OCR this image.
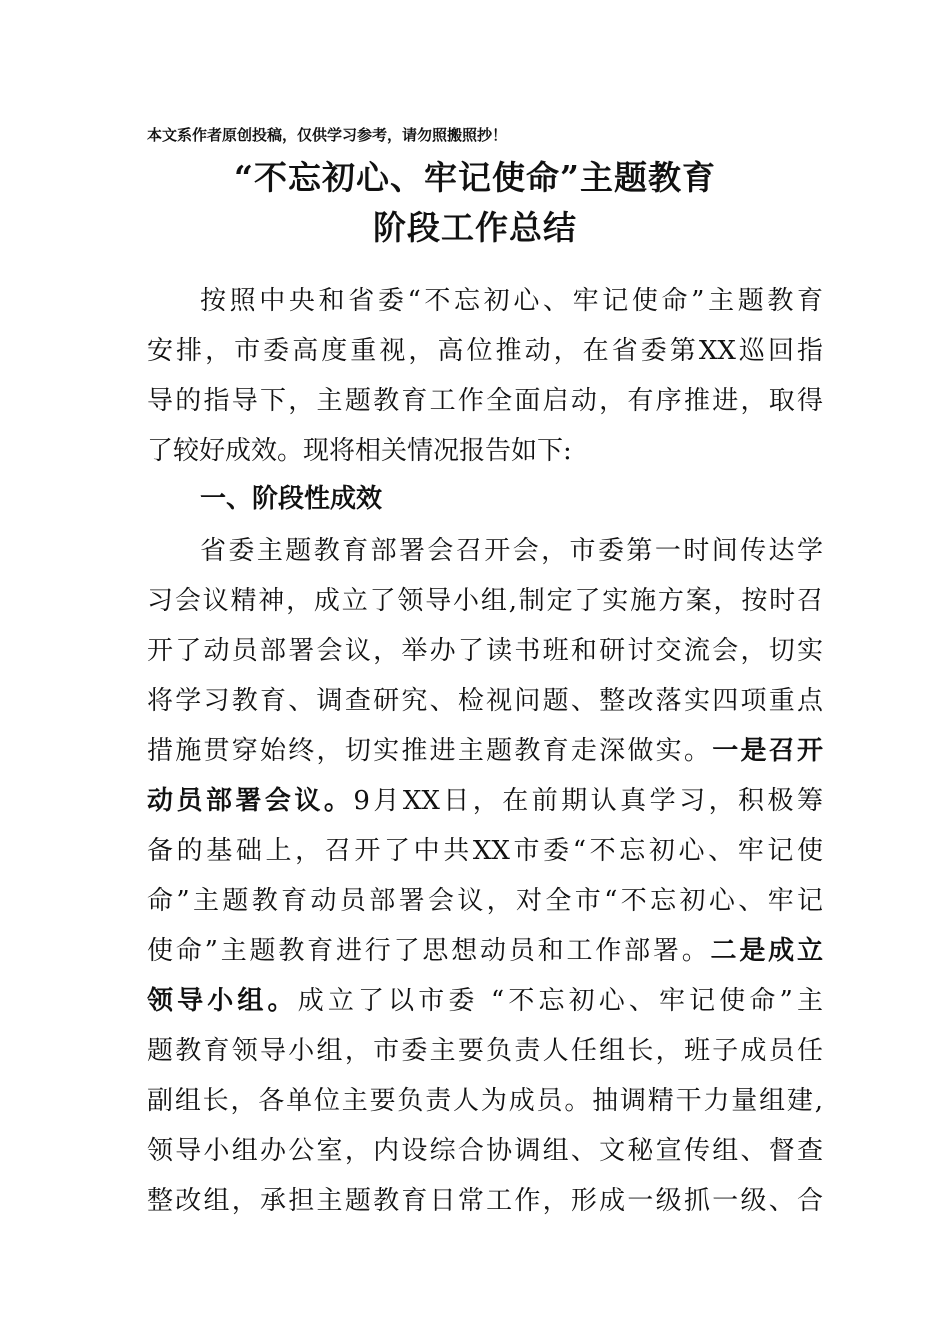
本文系作者原创投稿，仅供学习参考，请勿照搬照抄！
“不忘初心、牢记使命”主题教育
阶段工作总结
按照中央和省委“不忘初心、牢记使命”主题教育
安排，市委高度重视，高位推动，在省委第XX巡回指
导的指导下，主题教育工作全面启动，有序推进，取得
了较好成效。现将相关情况报告如下:
一、阶段性成效
省委主题教育部署会召开会，市委第一时间传达学
习会议精神，成立了领导小组,制定了实施方案，按时召
开了动员部署会议，举办了读书班和研讨交流会，切实
将学习教育、调查研究、检视问题、整改落实四项重点
措施贯穿始终，切实推进主题教育走深做实。一是召开
动员部署会议。9月XX日，在前期认真学习，积极筹
备的基础上，召开了中共XX市委“不忘初心、牢记使
命”主题教育动员部署会议，对全市“不忘初心、牢记
使命”主题教育进行了思想动员和工作部署。二是成立
领导小组。成立了以市委 “不忘初心、牢记使命”主
题教育领导小组，市委主要负责人任组长，班子成员任
副组长，各单位主要负责人为成员。抽调精干力量组建,
领导小组办公室，内设综合协调组、文秘宣传组、督查
整改组，承担主题教育日常工作，形成一级抓一级、合
